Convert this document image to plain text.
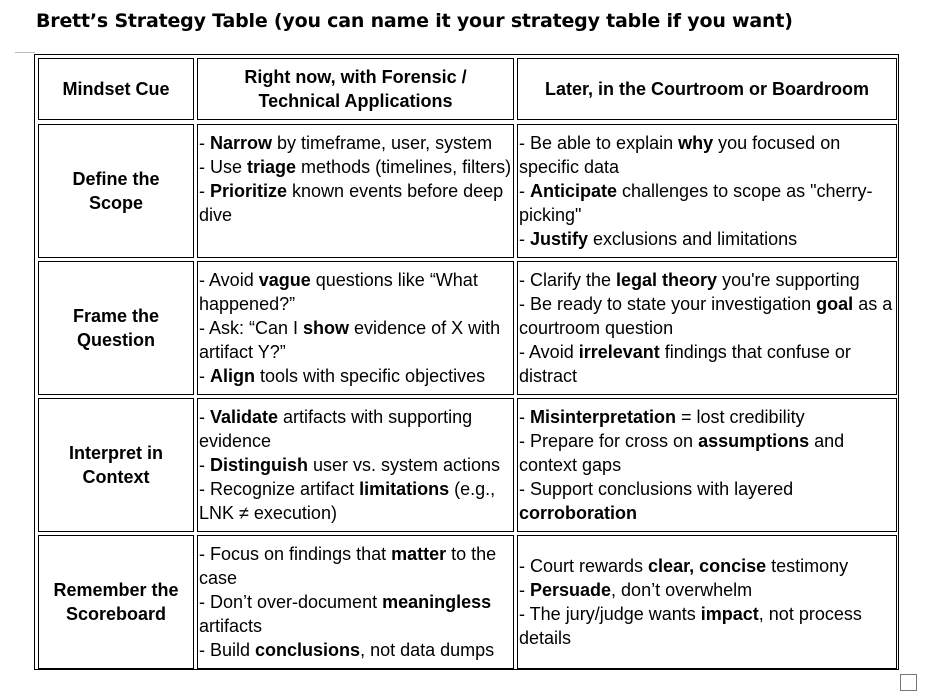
Brett’s Strategy Table (you can name it your strategy table if you want)
Mindset Cue
Right now, with Forensic / Technical Applications
Later, in the Courtroom or Boardroom
Define the Scope

- Narrow by timeframe, user, system

- Use triage methods (timelines, filters)

- Prioritize known events before deep dive

- Be able to explain why you focused on specific data

- Anticipate challenges to scope as "cherry-picking"

- Justify exclusions and limitations

Frame the Question

- Avoid vague questions like “What happened?”

- Ask: “Can I show evidence of X with artifact Y?”

- Align tools with specific objectives

- Clarify the legal theory you're supporting

- Be ready to state your investigation goal as a courtroom question

- Avoid irrelevant findings that confuse or distract

Interpret in Context

- Validate artifacts with supporting evidence

- Distinguish user vs. system actions

- Recognize artifact limitations (e.g., LNK ≠ execution)

- Misinterpretation = lost credibility

- Prepare for cross on assumptions and context gaps

- Support conclusions with layered corroboration

Remember the Scoreboard

- Focus on findings that matter to the case

- Don’t over-document meaningless artifacts

- Build conclusions, not data dumps

- Court rewards clear, concise testimony

- Persuade, don’t overwhelm

- The jury/judge wants impact, not process details
